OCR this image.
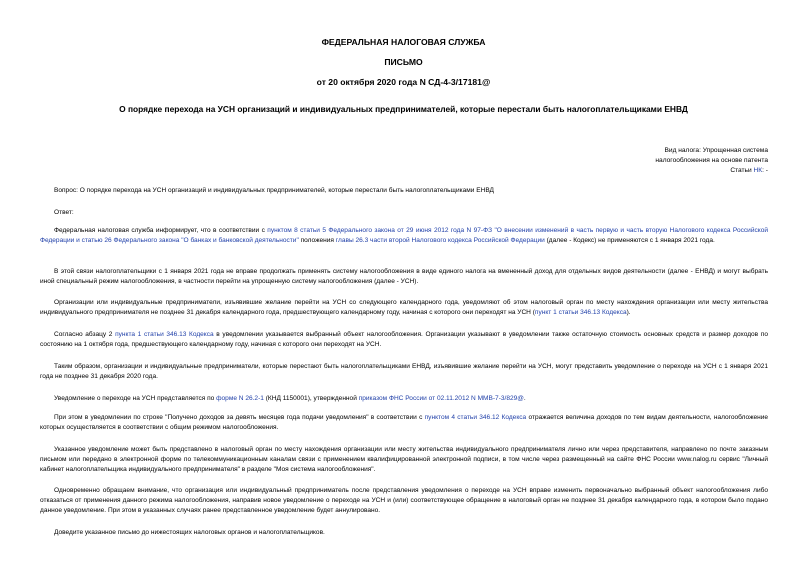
ФЕДЕРАЛЬНАЯ НАЛОГОВАЯ СЛУЖБА
ПИСЬМО
от 20 октября 2020 года N СД-4-3/17181@
О порядке перехода на УСН организаций и индивидуальных предпринимателей, которые перестали быть налогоплательщиками ЕНВД
Вид налога: Упрощенная система
налогообложения на основе патента
Статьи НК: -
Вопрос: О порядке перехода на УСН организаций и индивидуальных предпринимателей, которые перестали быть налогоплательщиками ЕНВД
Ответ:
Федеральная налоговая служба информирует, что в соответствии с пунктом 8 статьи 5 Федерального закона от 29 июня 2012 года N 97-ФЗ "О внесении изменений в часть первую и часть вторую Налогового кодекса Российской Федерации и статью 26 Федерального закона "О банках и банковской деятельности" положения главы 26.3 части второй Налогового кодекса Российской Федерации (далее - Кодекс) не применяются с 1 января 2021 года.
В этой связи налогоплательщики с 1 января 2021 года не вправе продолжать применять систему налогообложения в виде единого налога на вмененный доход для отдельных видов деятельности (далее - ЕНВД) и могут выбрать иной специальный режим налогообложения, в частности перейти на упрощенную систему налогообложения (далее - УСН).
Организации или индивидуальные предприниматели, изъявившие желание перейти на УСН со следующего календарного года, уведомляют об этом налоговый орган по месту нахождения организации или месту жительства индивидуального предпринимателя не позднее 31 декабря календарного года, предшествующего календарному году, начиная с которого они переходят на УСН (пункт 1 статьи 346.13 Кодекса).
Согласно абзацу 2 пункта 1 статьи 346.13 Кодекса в уведомлении указывается выбранный объект налогообложения. Организации указывают в уведомлении также остаточную стоимость основных средств и размер доходов по состоянию на 1 октября года, предшествующего календарному году, начиная с которого они переходят на УСН.
Таким образом, организации и индивидуальные предприниматели, которые перестают быть налогоплательщиками ЕНВД, изъявившие желание перейти на УСН, могут представить уведомление о переходе на УСН с 1 января 2021 года не позднее 31 декабря 2020 года.
Уведомление о переходе на УСН представляется по форме N 26.2-1 (КНД 1150001), утвержденной приказом ФНС России от 02.11.2012 N ММВ-7-3/829@.
При этом в уведомлении по строке "Получено доходов за девять месяцев года подачи уведомления" в соответствии с пунктом 4 статьи 346.12 Кодекса отражается величина доходов по тем видам деятельности, налогообложение которых осуществляется в соответствии с общим режимом налогообложения.
Указанное уведомление может быть представлено в налоговый орган по месту нахождения организации или месту жительства индивидуального предпринимателя лично или через представителя, направлено по почте заказным письмом или передано в электронной форме по телекоммуникационным каналам связи с применением квалифицированной электронной подписи, в том числе через размещенный на сайте ФНС России www.nalog.ru сервис "Личный кабинет налогоплательщика индивидуального предпринимателя" в разделе "Моя система налогообложения".
Одновременно обращаем внимание, что организация или индивидуальный предприниматель после представления уведомления о переходе на УСН вправе изменить первоначально выбранный объект налогообложения либо отказаться от применения данного режима налогообложения, направив новое уведомление о переходе на УСН и (или) соответствующее обращение в налоговый орган не позднее 31 декабря календарного года, в котором было подано данное уведомление. При этом в указанных случаях ранее представленное уведомление будет аннулировано.
Доведите указанное письмо до нижестоящих налоговых органов и налогоплательщиков.
